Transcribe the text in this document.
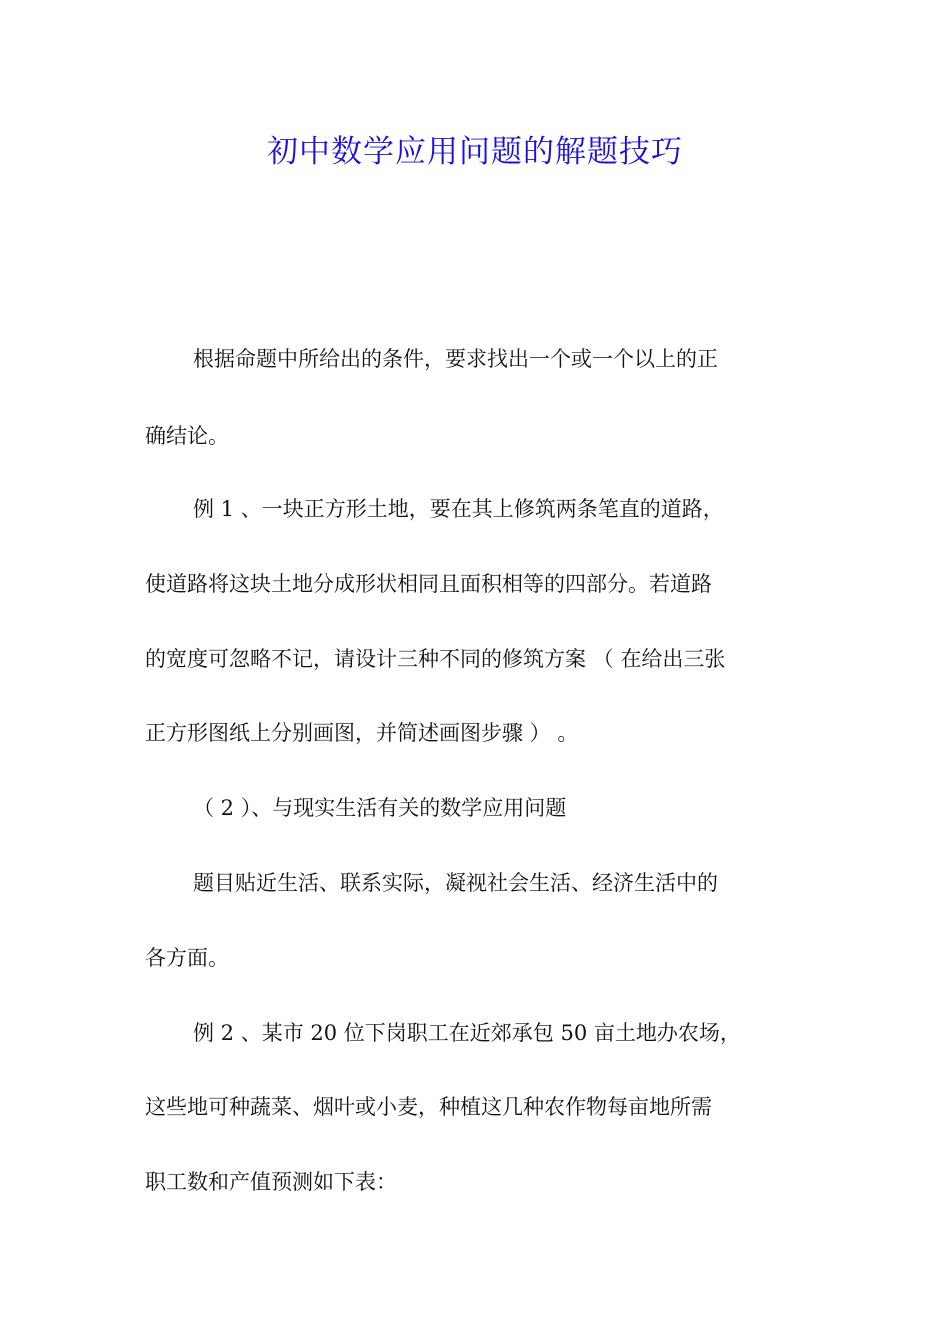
初中数学应用问题的解题技巧

根据命题中所给出的条件，要求找出一个或一个以上的正

确结论。

例 1 、一块正方形土地，要在其上修筑两条笔直的道路，

使道路将这块土地分成形状相同且面积相等的四部分。若道路

的宽度可忽略不记，请设计三种不同的修筑方案 （ 在给出三张

正方形图纸上分别画图，并简述画图步骤 ） 。

（ 2 ）、与现实生活有关的数学应用问题

题目贴近生活、联系实际，凝视社会生活、经济生活中的

各方面。

例 2 、某市 20 位下岗职工在近郊承包 50 亩土地办农场，

这些地可种蔬菜、烟叶或小麦，种植这几种农作物每亩地所需

职工数和产值预测如下表：
